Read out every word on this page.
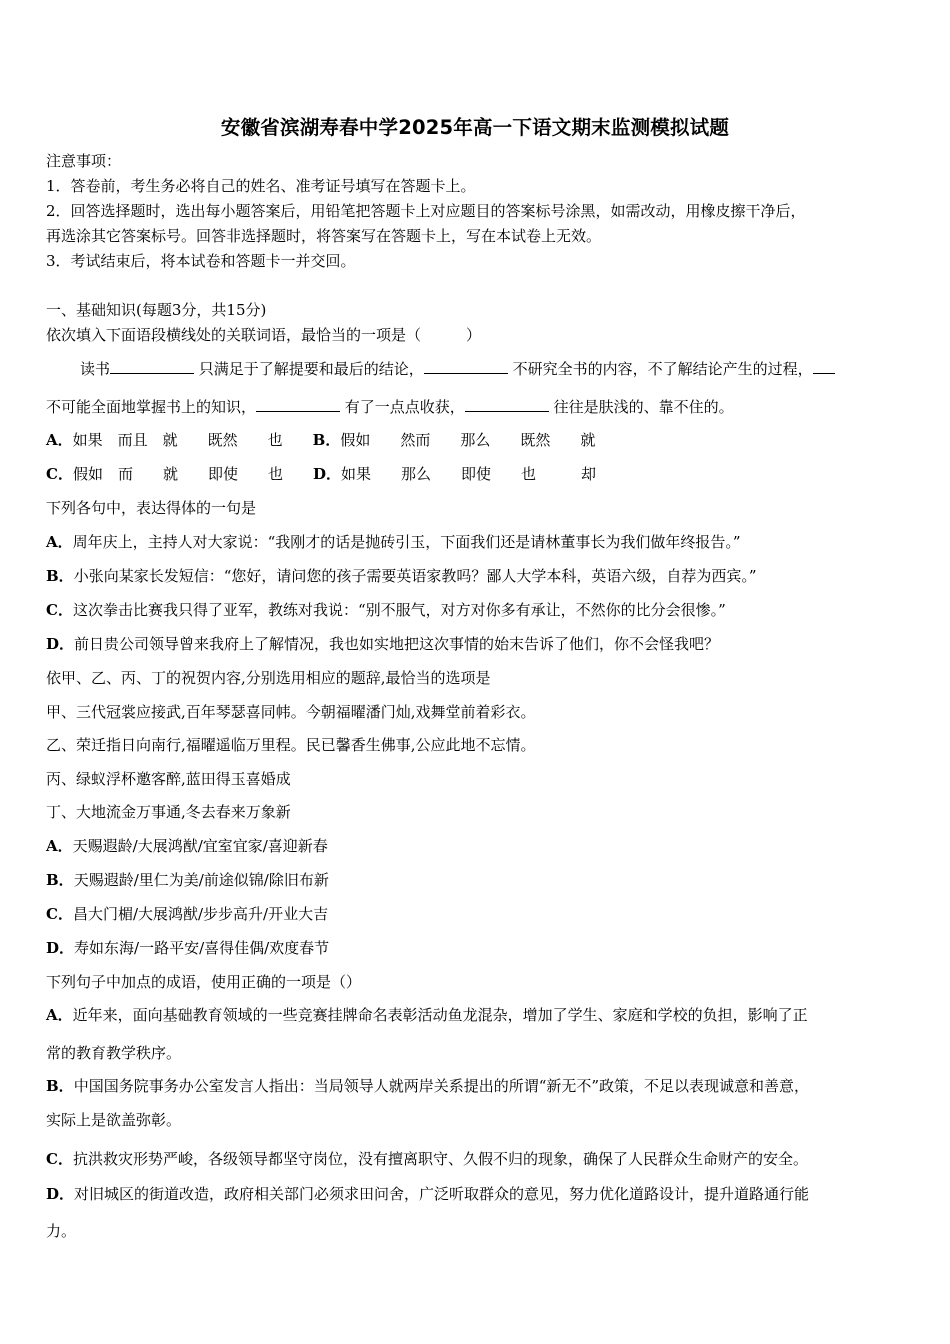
安徽省滨湖寿春中学2025年高一下语文期末监测模拟试题
注意事项：
1．答卷前，考生务必将自己的姓名、准考证号填写在答题卡上。
2．回答选择题时，选出每小题答案后，用铅笔把答题卡上对应题目的答案标号涂黑，如需改动，用橡皮擦干净后，
再选涂其它答案标号。回答非选择题时，将答案写在答题卡上，写在本试卷上无效。
3．考试结束后，将本试卷和答题卡一并交回。
一、基础知识(每题3分，共15分)
依次填入下面语段横线处的关联词语，最恰当的一项是（　　　）
读书	只满足于了解提要和最后的结论，	不研究全书的内容，不了解结论产生的过程，
不可能全面地掌握书上的知识，	有了一点点收获，	往往是肤浅的、靠不住的。
A．如果　而且　就　　既然　　也 B．假如　　然而　　那么　　既然　　就
C．假如　而　　就　　即使　　也 D．如果　　那么　　即使　　也　　　却
下列各句中，表达得体的一句是
A．周年庆上，主持人对大家说：“我刚才的话是抛砖引玉，下面我们还是请林董事长为我们做年终报告。”
B．小张向某家长发短信：“您好，请问您的孩子需要英语家教吗？鄙人大学本科，英语六级，自荐为西宾。”
C．这次拳击比赛我只得了亚军，教练对我说：“别不服气，对方对你多有承让，不然你的比分会很惨。”
D．前日贵公司领导曾来我府上了解情况，我也如实地把这次事情的始末告诉了他们，你不会怪我吧？
依甲、乙、丙、丁的祝贺内容,分别选用相应的题辞,最恰当的选项是
甲、三代冠裳应接武,百年琴瑟喜同帏。今朝福曜潘门灿,戏舞堂前着彩衣。
乙、荣迁指日向南行,福曜遥临万里程。民已馨香生佛事,公应此地不忘情。
丙、绿蚁浮杯邀客醉,蓝田得玉喜婚成
丁、大地流金万事通,冬去春来万象新
A．天赐遐龄/大展鸿猷/宜室宜家/喜迎新春
B．天赐遐龄/里仁为美/前途似锦/除旧布新
C．昌大门楣/大展鸿猷/步步高升/开业大吉
D．寿如东海/一路平安/喜得佳偶/欢度春节
下列句子中加点的成语，使用正确的一项是（）
A．近年来，面向基础教育领域的一些竞赛挂牌命名表彰活动鱼龙混杂，增加了学生、家庭和学校的负担，影响了正
常的教育教学秩序。
B．中国国务院事务办公室发言人指出：当局领导人就两岸关系提出的所谓“新无不”政策，不足以表现诚意和善意，
实际上是欲盖弥彰。
C．抗洪救灾形势严峻，各级领导都坚守岗位，没有擅离职守、久假不归的现象，确保了人民群众生命财产的安全。
D．对旧城区的街道改造，政府相关部门必须求田问舍，广泛听取群众的意见，努力优化道路设计，提升道路通行能
力。
